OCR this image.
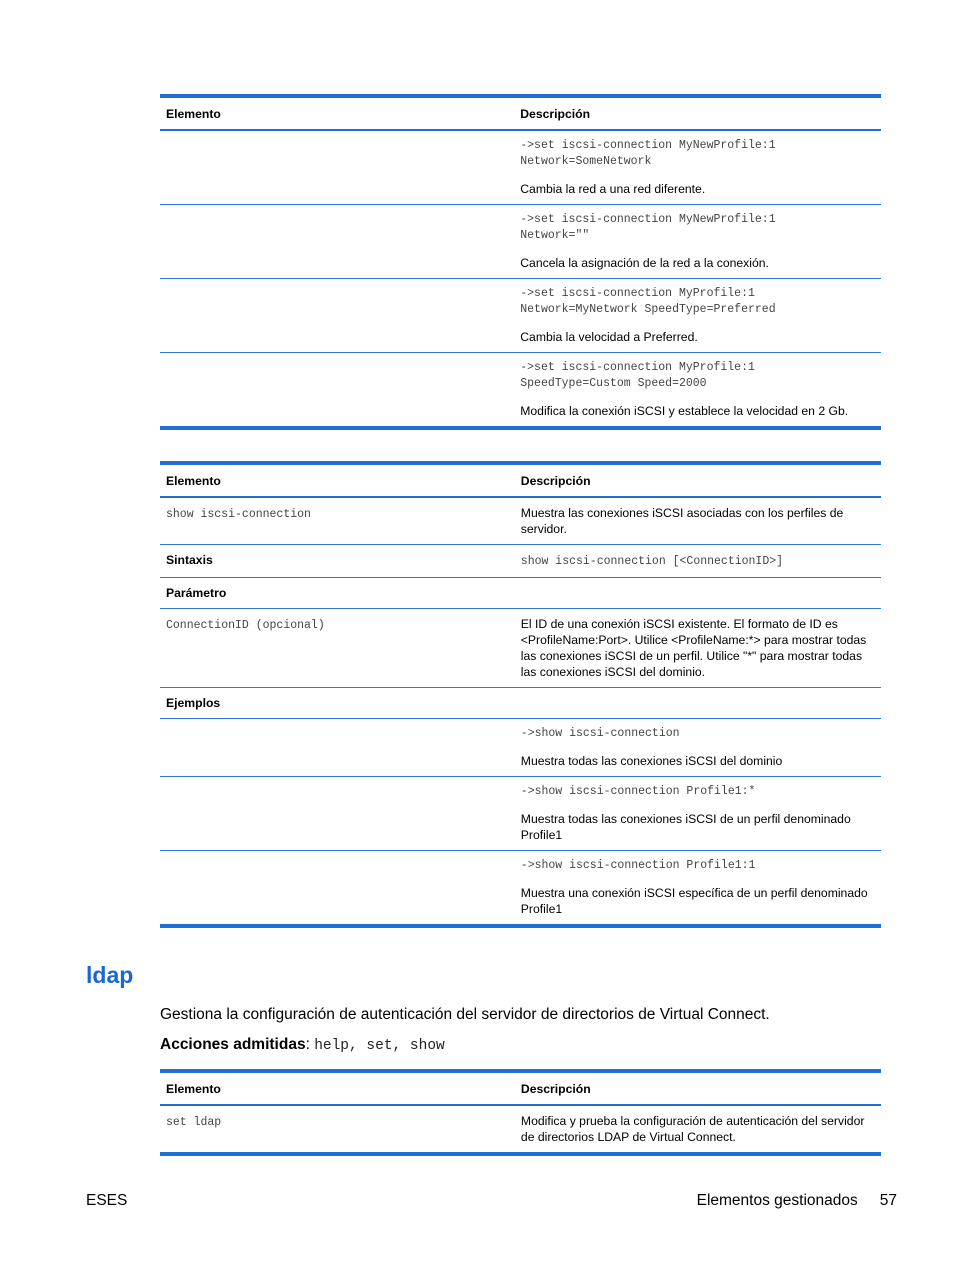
Elemento	Descripción

	->set iscsi-connection MyNewProfile:1
Network=SomeNetwork

Cambia la red a una red diferente.

	->set iscsi-connection MyNewProfile:1
Network=""

Cancela la asignación de la red a la conexión.

	->set iscsi-connection MyProfile:1
Network=MyNetwork SpeedType=Preferred

Cambia la velocidad a Preferred.

	->set iscsi-connection MyProfile:1
SpeedType=Custom Speed=2000

Modifica la conexión iSCSI y establece la velocidad en 2 Gb.

Elemento	Descripción
show iscsi-connection	Muestra las conexiones iSCSI asociadas con los perfiles de servidor.
Sintaxis	show iscsi-connection [<ConnectionID>]
Parámetro	
ConnectionID (opcional)	El ID de una conexión iSCSI existente. El formato de ID es <ProfileName:Port>. Utilice <ProfileName:*> para mostrar todas las conexiones iSCSI de un perfil. Utilice "*" para mostrar todas las conexiones iSCSI del dominio.
Ejemplos	

	->show iscsi-connection

Muestra todas las conexiones iSCSI del dominio

	->show iscsi-connection Profile1:*

Muestra todas las conexiones iSCSI de un perfil denominado Profile1

	->show iscsi-connection Profile1:1

Muestra una conexión iSCSI específica de un perfil denominado Profile1

ldap

Gestiona la configuración de autenticación del servidor de directorios de Virtual Connect.

Acciones admitidas: help, set, show

Elemento	Descripción
set ldap	Modifica y prueba la configuración de autenticación del servidor de directorios LDAP de Virtual Connect.
ESES	Elementos gestionados 57
